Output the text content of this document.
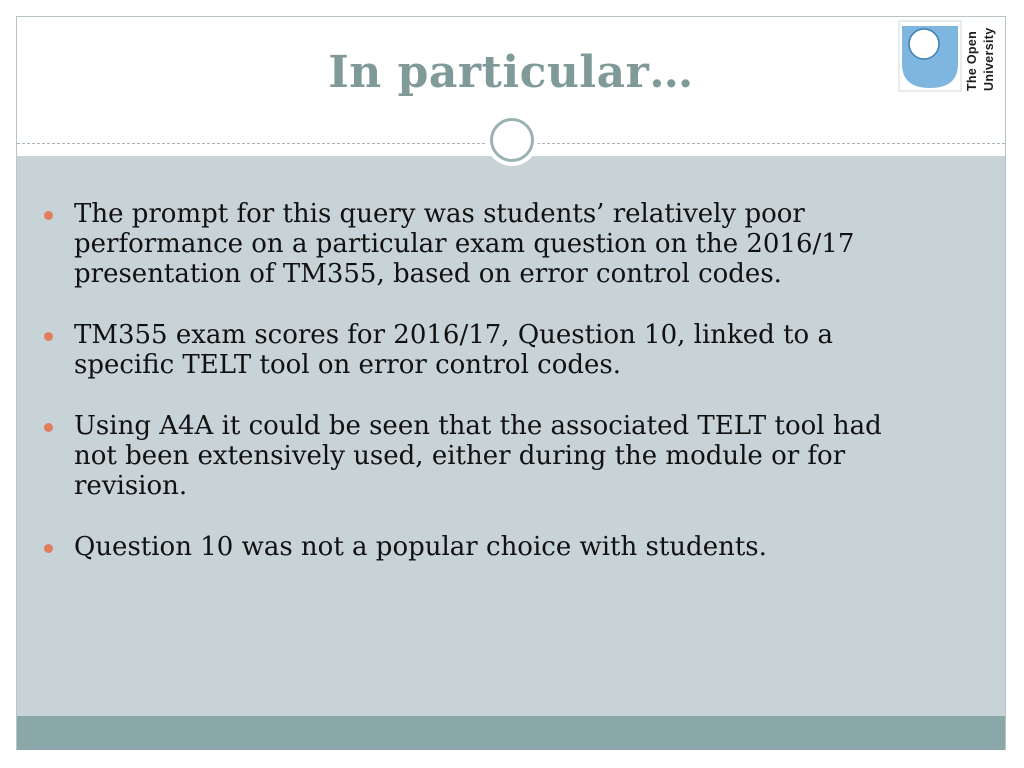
In particular…	The Open University
The prompt for this query was students’ relatively poor performance on a particular exam question on the 2016/17 presentation of TM355, based on error control codes.
TM355 exam scores for 2016/17, Question 10, linked to a specific TELT tool on error control codes.
Using A4A it could be seen that the associated TELT tool had not been extensively used, either during the module or for revision.
Question 10 was not a popular choice with students.
